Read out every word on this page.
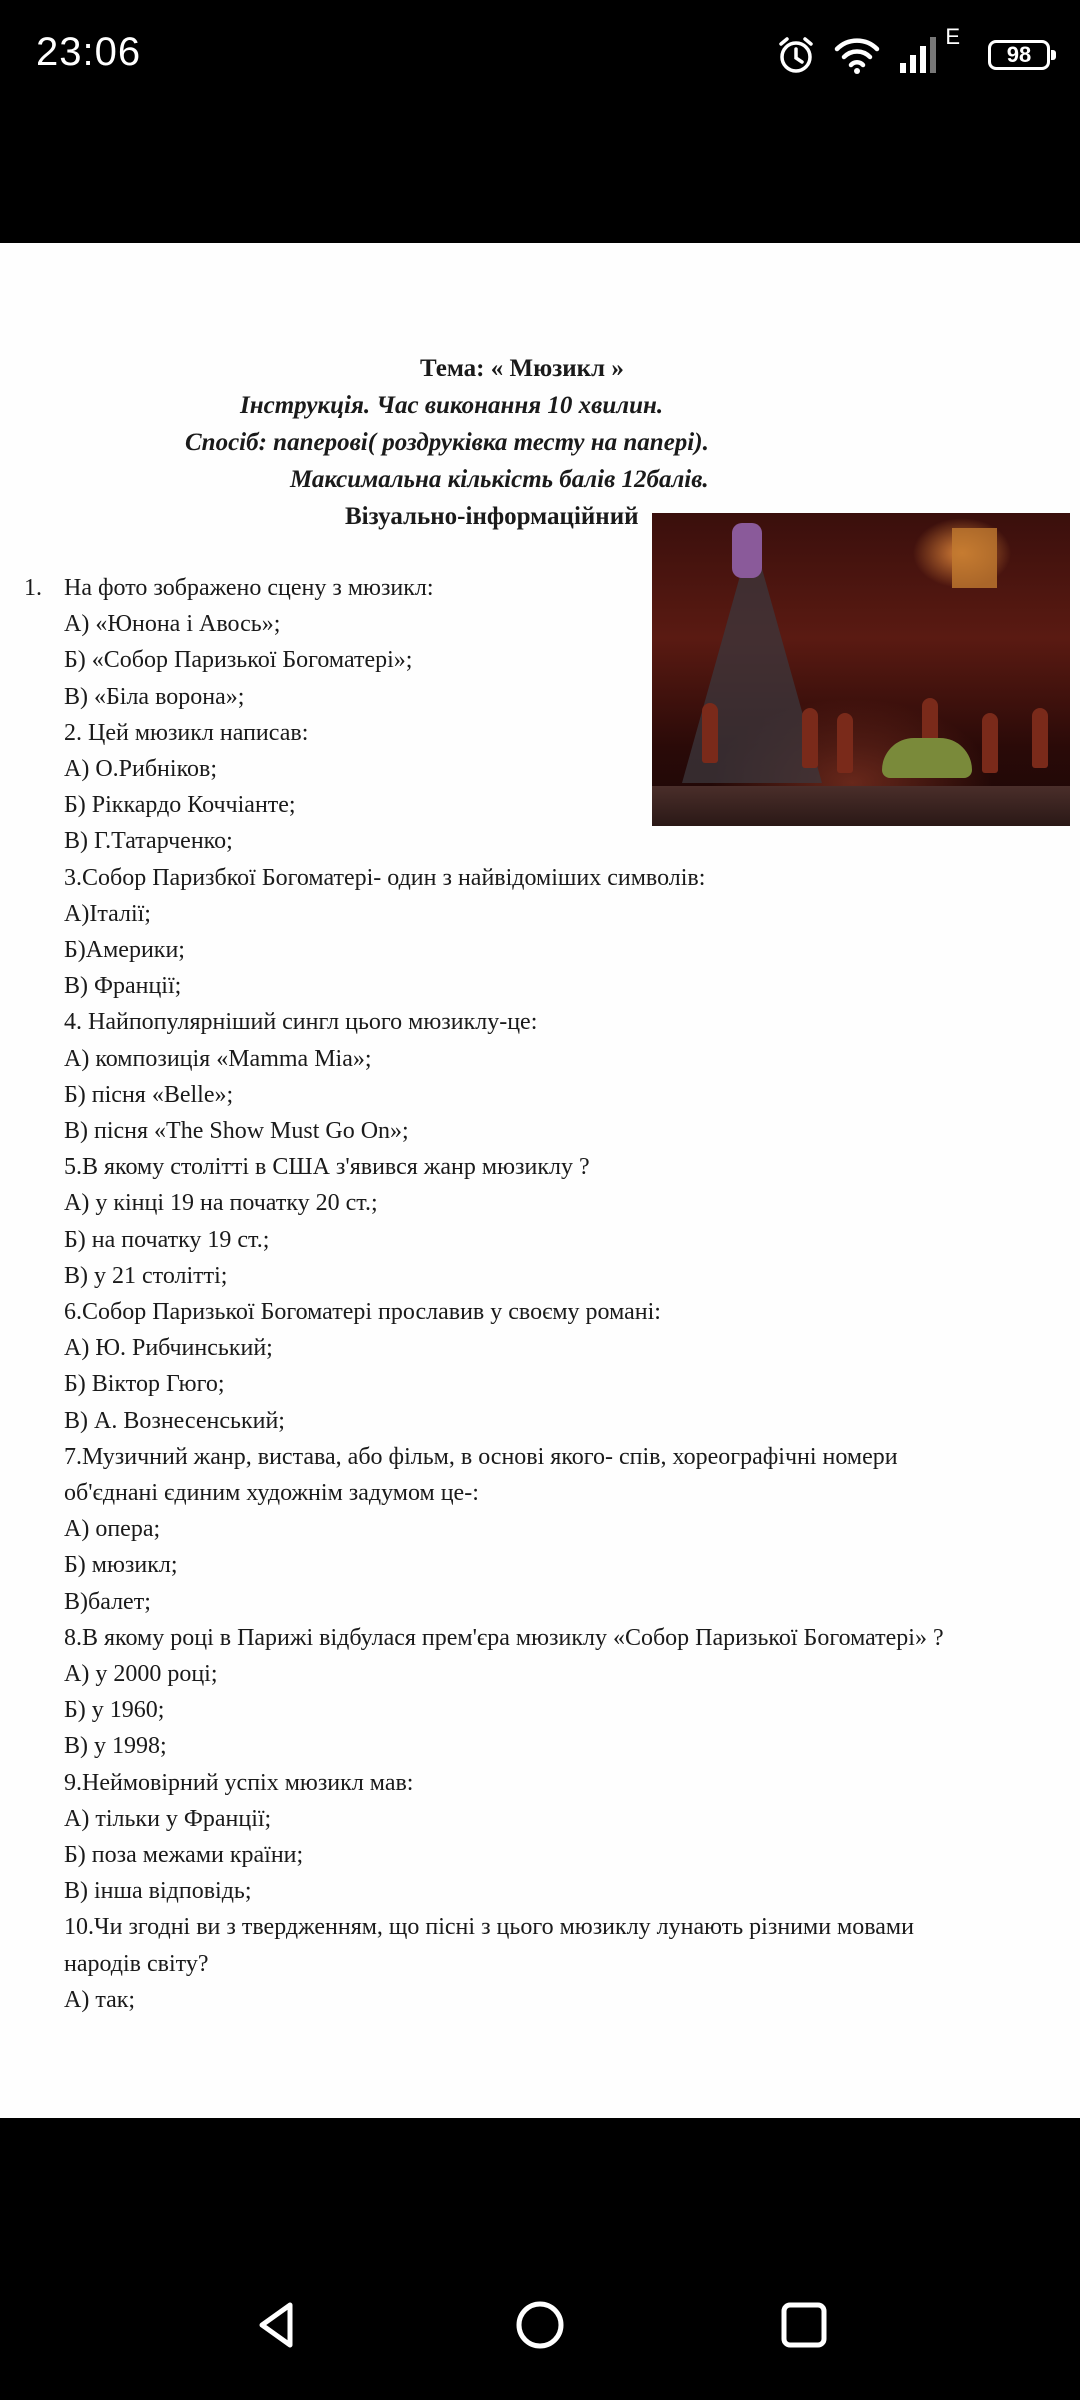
23:06	98
E
Тема: « Мюзикл »
Інструкція. Час виконання 10 хвилин.
Спосіб: паперові( роздруківка тесту на папері).
Максимальна кількість балів 12балів.
Візуально-інформаційний
1. На фото зображено сцену з мюзикл:
А) «Юнона і Авось»;
Б) «Собор Паризької Богоматері»;
В) «Біла ворона»;
2. Цей мюзикл написав:
А) О.Рибніков;
Б) Ріккардо Коччіанте;
В) Г.Татарченко;
3.Собор Паризбкої Богоматері- один з найвідоміших символів:
А)Італії;
Б)Америки;
В) Франції;
4. Найпопулярніший сингл цього мюзиклу-це:
А) композиція «Mamma Mia»;
Б) пісня «Belle»;
В) пісня «The Show Must Go On»;
5.В якому столітті в США з'явився жанр мюзиклу ?
А) у кінці 19 на початку 20 ст.;
Б) на початку 19 ст.;
В) у 21 столітті;
6.Собор Паризької Богоматері прославив у своєму романі:
А) Ю. Рибчинський;
Б) Віктор Гюго;
В) А. Вознесенський;
7.Музичний жанр, вистава, або фільм, в основі якого- спів, хореографічні номери
об'єднані єдиним художнім задумом це-:
А) опера;
Б) мюзикл;
В)балет;
8.В якому році в Парижі відбулася прем'єра мюзиклу «Собор Паризької Богоматері» ?
А) у 2000 році;
Б) у 1960;
В) у 1998;
9.Неймовірний успіх мюзикл мав:
А) тільки у Франції;
Б) поза межами країни;
В) інша відповідь;
10.Чи згодні ви з твердженням, що пісні з цього мюзиклу лунають різними мовами
народів світу?
А) так;
